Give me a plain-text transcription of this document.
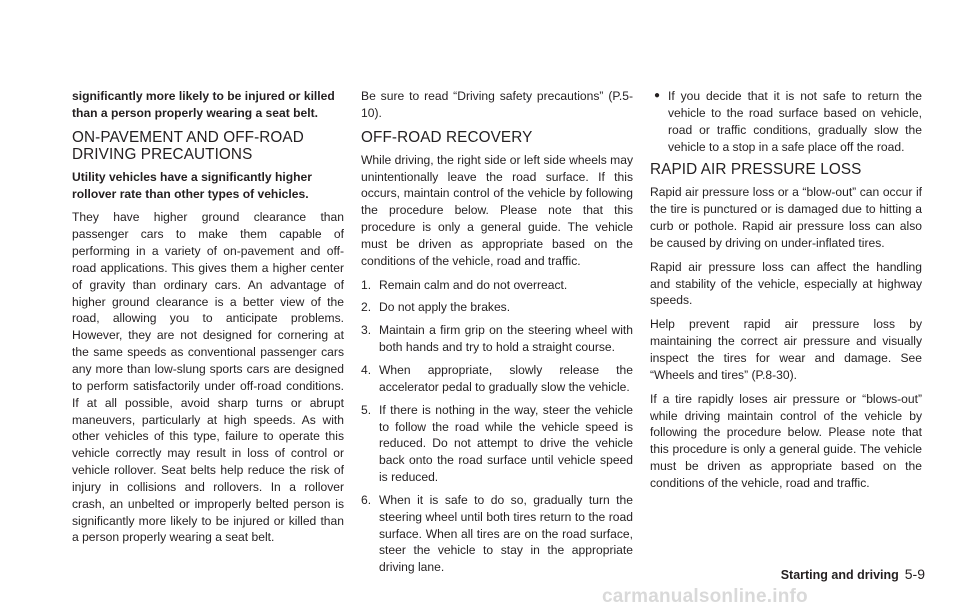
significantly more likely to be injured or killed than a person properly wearing a seat belt.

ON-PAVEMENT AND OFF-ROAD DRIVING PRECAUTIONS

Utility vehicles have a significantly higher rollover rate than other types of vehicles.

They have higher ground clearance than passenger cars to make them capable of performing in a variety of on-pavement and off-road applications. This gives them a higher center of gravity than ordinary cars. An advantage of higher ground clearance is a better view of the road, allowing you to anticipate problems. However, they are not designed for cornering at the same speeds as conventional passenger cars any more than low-slung sports cars are designed to perform satisfactorily under off-road conditions. If at all possible, avoid sharp turns or abrupt maneuvers, particularly at high speeds. As with other vehicles of this type, failure to operate this vehicle correctly may result in loss of control or vehicle rollover. Seat belts help reduce the risk of injury in collisions and rollovers. In a rollover crash, an unbelted or improperly belted person is significantly more likely to be injured or killed than a person properly wearing a seat belt.

Be sure to read “Driving safety precautions” (P.5-10).

OFF-ROAD RECOVERY

While driving, the right side or left side wheels may unintentionally leave the road surface. If this occurs, maintain control of the vehicle by following the procedure below. Please note that this procedure is only a general guide. The vehicle must be driven as appropriate based on the conditions of the vehicle, road and traffic.

1. Remain calm and do not overreact.
2. Do not apply the brakes.
3. Maintain a firm grip on the steering wheel with both hands and try to hold a straight course.
4. When appropriate, slowly release the accelerator pedal to gradually slow the vehicle.
5. If there is nothing in the way, steer the vehicle to follow the road while the vehicle speed is reduced. Do not attempt to drive the vehicle back onto the road surface until vehicle speed is reduced.
6. When it is safe to do so, gradually turn the steering wheel until both tires return to the road surface. When all tires are on the road surface, steer the vehicle to stay in the appropriate driving lane.
● If you decide that it is not safe to return the vehicle to the road surface based on vehicle, road or traffic conditions, gradually slow the vehicle to a stop in a safe place off the road.
RAPID AIR PRESSURE LOSS

Rapid air pressure loss or a “blow-out” can occur if the tire is punctured or is damaged due to hitting a curb or pothole. Rapid air pressure loss can also be caused by driving on under-inflated tires.

Rapid air pressure loss can affect the handling and stability of the vehicle, especially at highway speeds.

Help prevent rapid air pressure loss by maintaining the correct air pressure and visually inspect the tires for wear and damage. See “Wheels and tires” (P.8-30).

If a tire rapidly loses air pressure or “blows-out” while driving maintain control of the vehicle by following the procedure below. Please note that this procedure is only a general guide. The vehicle must be driven as appropriate based on the conditions of the vehicle, road and traffic.

Starting and driving 5-9
carmanualsonline.info
